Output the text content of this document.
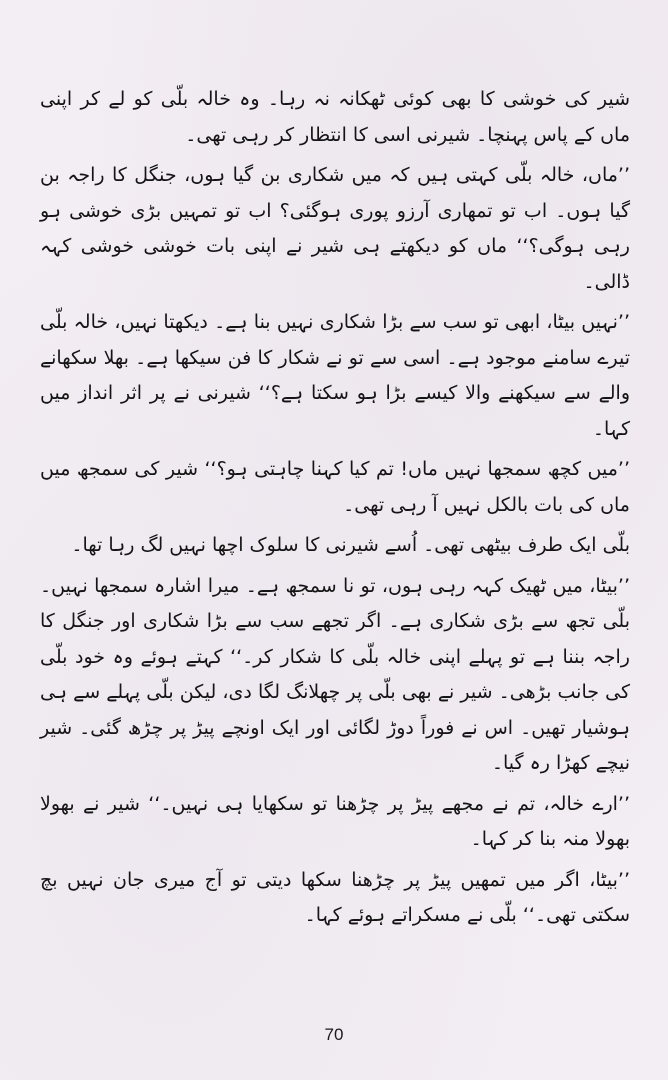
شیر کی خوشی کا بھی کوئی ٹھکانہ نہ رہا۔ وہ خالہ بلّی کو لے کر اپنی ماں کے پاس پہنچا۔ شیرنی اسی کا انتظار کر رہی تھی۔

’’ماں، خالہ بلّی کہتی ہیں کہ میں شکاری بن گیا ہوں، جنگل کا راجہ بن گیا ہوں۔ اب تو تمھاری آرزو پوری ہوگئی؟ اب تو تمہیں بڑی خوشی ہو رہی ہوگی؟‘‘ ماں کو دیکھتے ہی شیر نے اپنی بات خوشی خوشی کہہ ڈالی۔

’’نہیں بیٹا، ابھی تو سب سے بڑا شکاری نہیں بنا ہے۔ دیکھتا نہیں، خالہ بلّی تیرے سامنے موجود ہے۔ اسی سے تو نے شکار کا فن سیکھا ہے۔ بھلا سکھانے والے سے سیکھنے والا کیسے بڑا ہو سکتا ہے؟‘‘ شیرنی نے پر اثر انداز میں کہا۔

’’میں کچھ سمجھا نہیں ماں! تم کیا کہنا چاہتی ہو؟‘‘ شیر کی سمجھ میں ماں کی بات بالکل نہیں آ رہی تھی۔

بلّی ایک طرف بیٹھی تھی۔ اُسے شیرنی کا سلوک اچھا نہیں لگ رہا تھا۔

’’بیٹا، میں ٹھیک کہہ رہی ہوں، تو نا سمجھ ہے۔ میرا اشارہ سمجھا نہیں۔ بلّی تجھ سے بڑی شکاری ہے۔ اگر تجھے سب سے بڑا شکاری اور جنگل کا راجہ بننا ہے تو پہلے اپنی خالہ بلّی کا شکار کر۔‘‘ کہتے ہوئے وہ خود بلّی کی جانب بڑھی۔ شیر نے بھی بلّی پر چھلانگ لگا دی، لیکن بلّی پہلے سے ہی ہوشیار تھیں۔ اس نے فوراً دوڑ لگائی اور ایک اونچے پیڑ پر چڑھ گئی۔ شیر نیچے کھڑا رہ گیا۔

’’ارے خالہ، تم نے مجھے پیڑ پر چڑھنا تو سکھایا ہی نہیں۔‘‘ شیر نے بھولا بھولا منہ بنا کر کہا۔

’’بیٹا، اگر میں تمھیں پیڑ پر چڑھنا سکھا دیتی تو آج میری جان نہیں بچ سکتی تھی۔‘‘ بلّی نے مسکراتے ہوئے کہا۔

70
